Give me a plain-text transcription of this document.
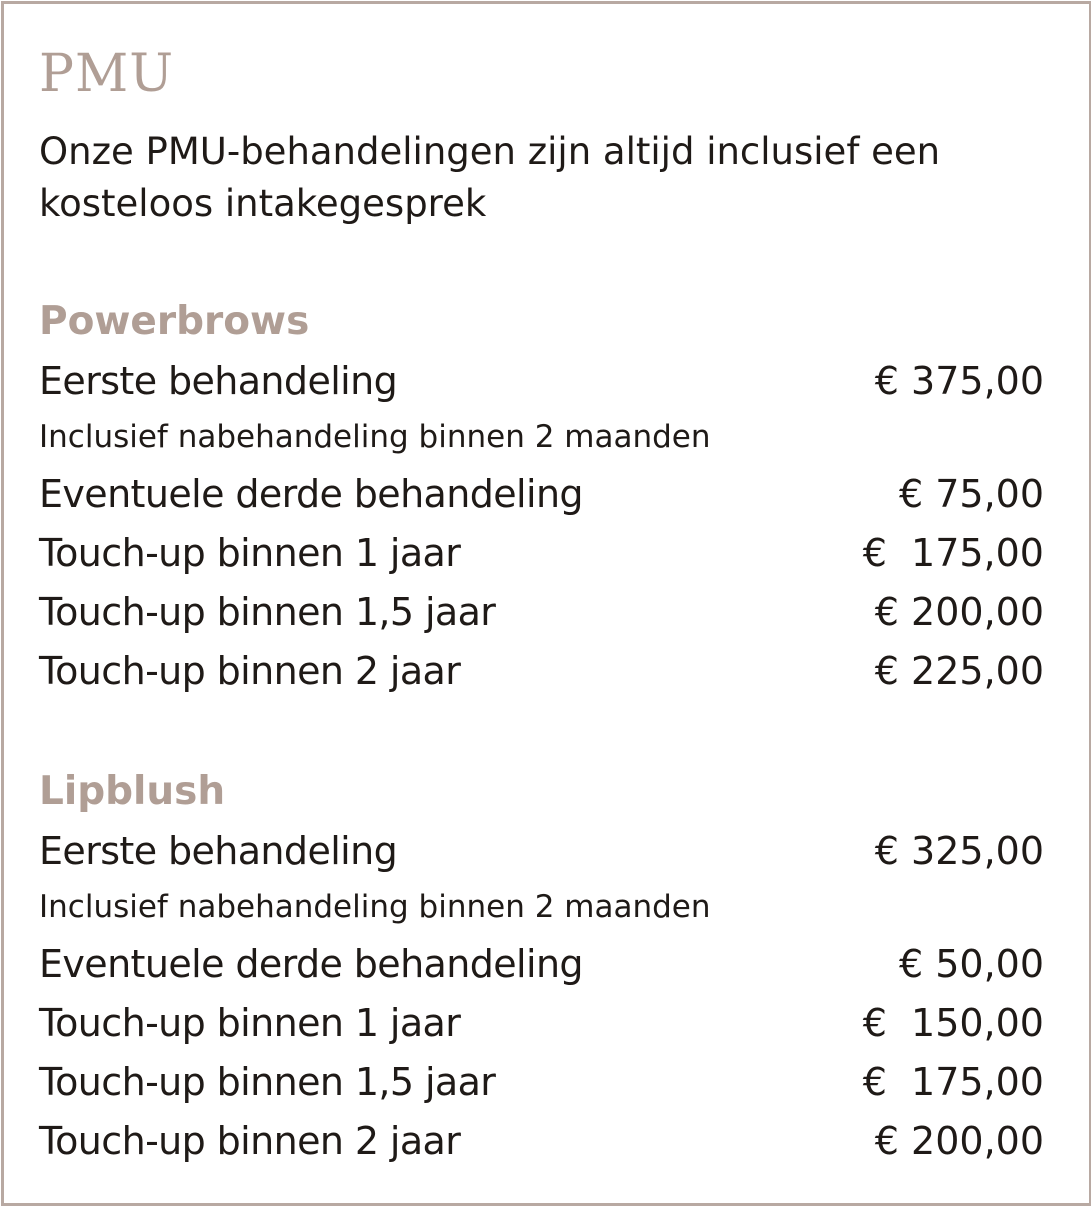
PMU
Onze PMU-behandelingen zijn altijd inclusief een kosteloos intakegesprek
Powerbrows
Eerste behandeling	€ 375,00
Inclusief nabehandeling binnen 2 maanden
Eventuele derde behandeling	€ 75,00
Touch-up binnen 1 jaar	€  175,00
Touch-up binnen 1,5 jaar	€ 200,00
Touch-up binnen 2 jaar	€ 225,00
Lipblush
Eerste behandeling	€ 325,00
Inclusief nabehandeling binnen 2 maanden
Eventuele derde behandeling	€ 50,00
Touch-up binnen 1 jaar	€  150,00
Touch-up binnen 1,5 jaar	€  175,00
Touch-up binnen 2 jaar	€ 200,00
